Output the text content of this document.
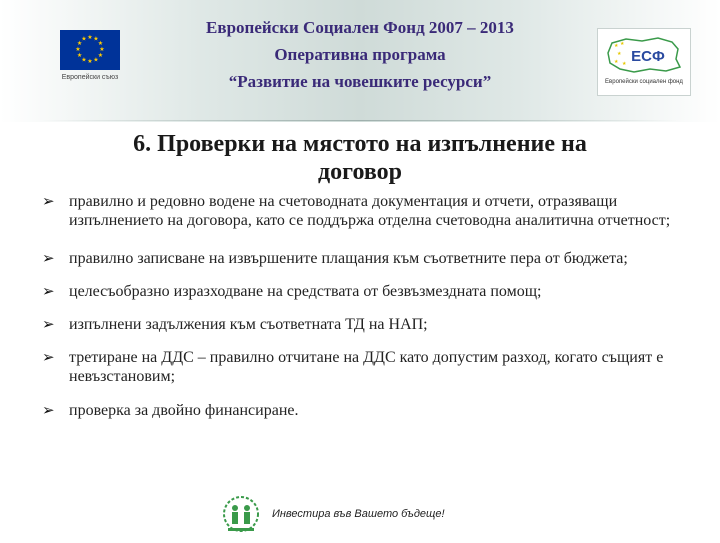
★ ★
★
★
★
★
★
★
★
★
★
★
Европейски съюз
Европейски Социален Фонд 2007 – 2013
Оперативна програма
“Развитие на човешките ресурси”
★
★
★
★
★ ЕСФ
Европейски социален фонд
6. Проверки на мястото на изпълнение на
договор
➢ правилно и редовно водене на счетоводната документация и отчети, отразяващи изпълнението на договора, като се поддържа отделна счетоводна аналитична отчетност;
➢ правилно записване на извършените плащания към съответните пера от бюджета;
➢ целесъобразно изразходване на средствата от безвъзмездната помощ;
➢ изпълнени задължения към съответната ТД на НАП;
➢ третиране на ДДС – правилно отчитане на ДДС като допустим разход, когато същият е невъзстановим;
➢ проверка за двойно финансиране.
Инвестира във Вашето бъдеще!
